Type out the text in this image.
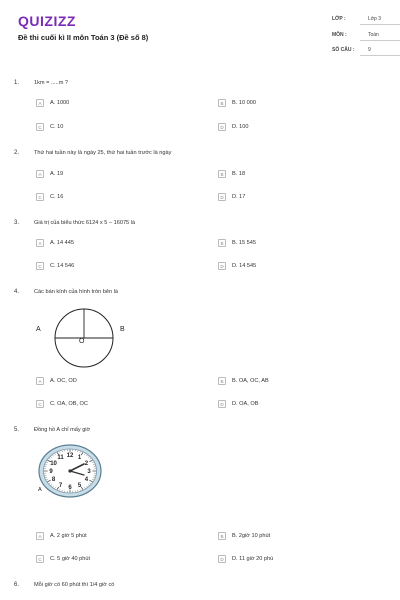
QUIZIZZ
Đề thi cuối kì II môn Toán 3 (Đề số 8)
LỚP :	Lớp 3
MÔN :	Toán
SỐ CÂU :	9
1.	1km = .....m ?
A	A. 1000	B	B. 10 000
C	C. 10	D	D. 100
2.	Thứ hai tuần này là ngày 25, thứ hai tuần trước là ngày
A	A. 19	B	B. 18
C	C. 16	D	D. 17
3.	Giá trị của biểu thức 6124 x 5 – 16075 là
A	A. 14 445	B	B. 15 545
C	C. 14 546	D	D. 14 545
4.	Các bán kính của hình tròn bên là
A	B
O
A	A. OC, OD	B	B. OA, OC, AB
C	C. OA, OB, OC	D	D. OA, OB
5.	Đồng hồ A chỉ mấy giờ
12 1
2
3
4
5
6
7
8
9
10
11
A
A	A. 2 giờ 5 phút	B	B. 2giờ 10 phút
C	C. 5 giờ 40 phút	D	D. 11 giờ 20 phú
6.	Mỗi giờ có 60 phút thì 1/4 giờ có
